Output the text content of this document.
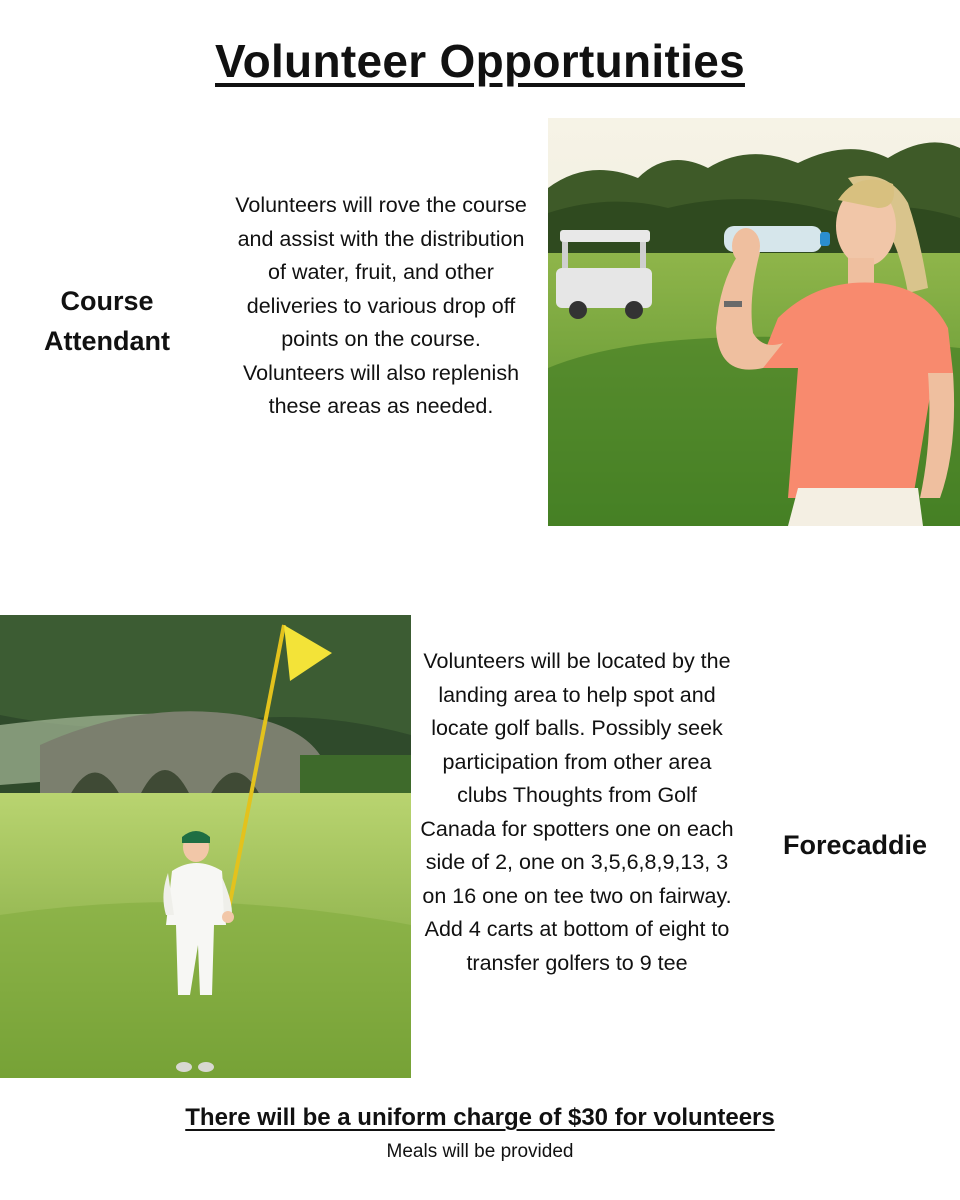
Volunteer Opportunities
Course Attendant
Volunteers will rove the course and assist with the distribution of water, fruit, and other deliveries to various drop off points on the course. Volunteers will also replenish these areas as needed.
Volunteers will be located by the landing area to help spot and locate golf balls. Possibly seek participation from other area clubs Thoughts from Golf Canada for spotters one on each side of 2, one on 3,5,6,8,9,13, 3 on 16 one on tee two on fairway. Add 4 carts at bottom of eight to transfer golfers to 9 tee
Forecaddie
There will be a uniform charge of $30 for volunteers
Meals will be provided
